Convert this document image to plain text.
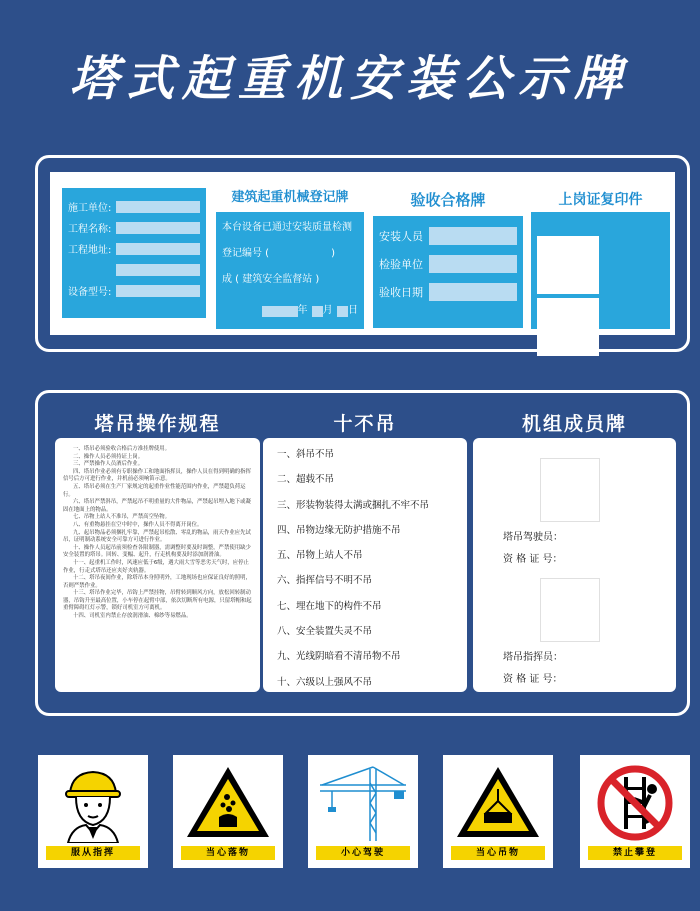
塔式起重机安装公示牌
施工单位:
工程名称:
工程地址:
设备型号:
建筑起重机械登记牌
本台设备已通过安装质量检测
登记编号 (	)
成 ( 建筑安全监督站 )
年 月 日
验收合格牌
安装人员
检验单位
验收日期
上岗证复印件
塔吊操作规程	十不吊	机组成员牌

一、塔吊必须验收合格后方准挂牌使用。

二、操作人员必须持证上岗。

三、严禁操作人员酒后作业。

四、塔吊作业必须有专职操作工和地面指挥员，操作人员在得到明确的指挥信号后方可进行作业，并机前必须响笛示意。

五、塔吊必须在生产厂家规定的起重作业性能范围内作业，严禁超负荷运行。

六、塔吊严禁斜吊，严禁起吊不明重量的大件物品，严禁起吊埋入地下或凝固在地面上的物品。

七、吊物上站人不准吊，严禁高空坠物。

八、有重物悬挂在空中时中，操作人员不得离开岗位。

九、起吊物品必须捆扎牢靠，严禁起吊松散、零乱的物品，雨天作业应先试吊，证明制动系统安全可靠方可进行作业。

十、操作人员起吊前须检查各限制器，需调整时要及时调整，严禁使用缺少安全装置的塔吊。回转、变幅、起升，行走机构要及时添加润滑油。

十一、起重机工作时，风速应低于6级，遇大雨大雪等恶劣天气时，应停止作业，行走式塔吊还应夹好夹轨器。

十二、塔吊夜间作业，除塔吊本身照明外，工地现场也应保证良好的照明，否则严禁作业。

十三、塔吊作业完毕，吊钩上严禁挂物，吊臂转到顺风方向，放松回转制动器，吊钩升至最高位置，小车停在起臂中部，依次切断所有电源，只留塔帽和起重臂障碍红灯示警，锁好司机室方可离机。

十四、司机室内禁止存放润滑油、棉纱等易燃品。

一、斜吊不吊
二、超载不吊
三、形装物装得太满或捆扎不牢不吊
四、吊物边缘无防护措施不吊
五、吊物上站人不吊
六、指挥信号不明不吊
七、埋在地下的构件不吊
八、安全装置失灵不吊
九、光线阴暗看不清吊物不吊
十、六级以上强风不吊
塔吊驾驶员：
资 格 证 号：
塔吊指挥员：
资 格 证 号：
服从指挥	当心落物	小心驾驶	当心吊物	禁止攀登
